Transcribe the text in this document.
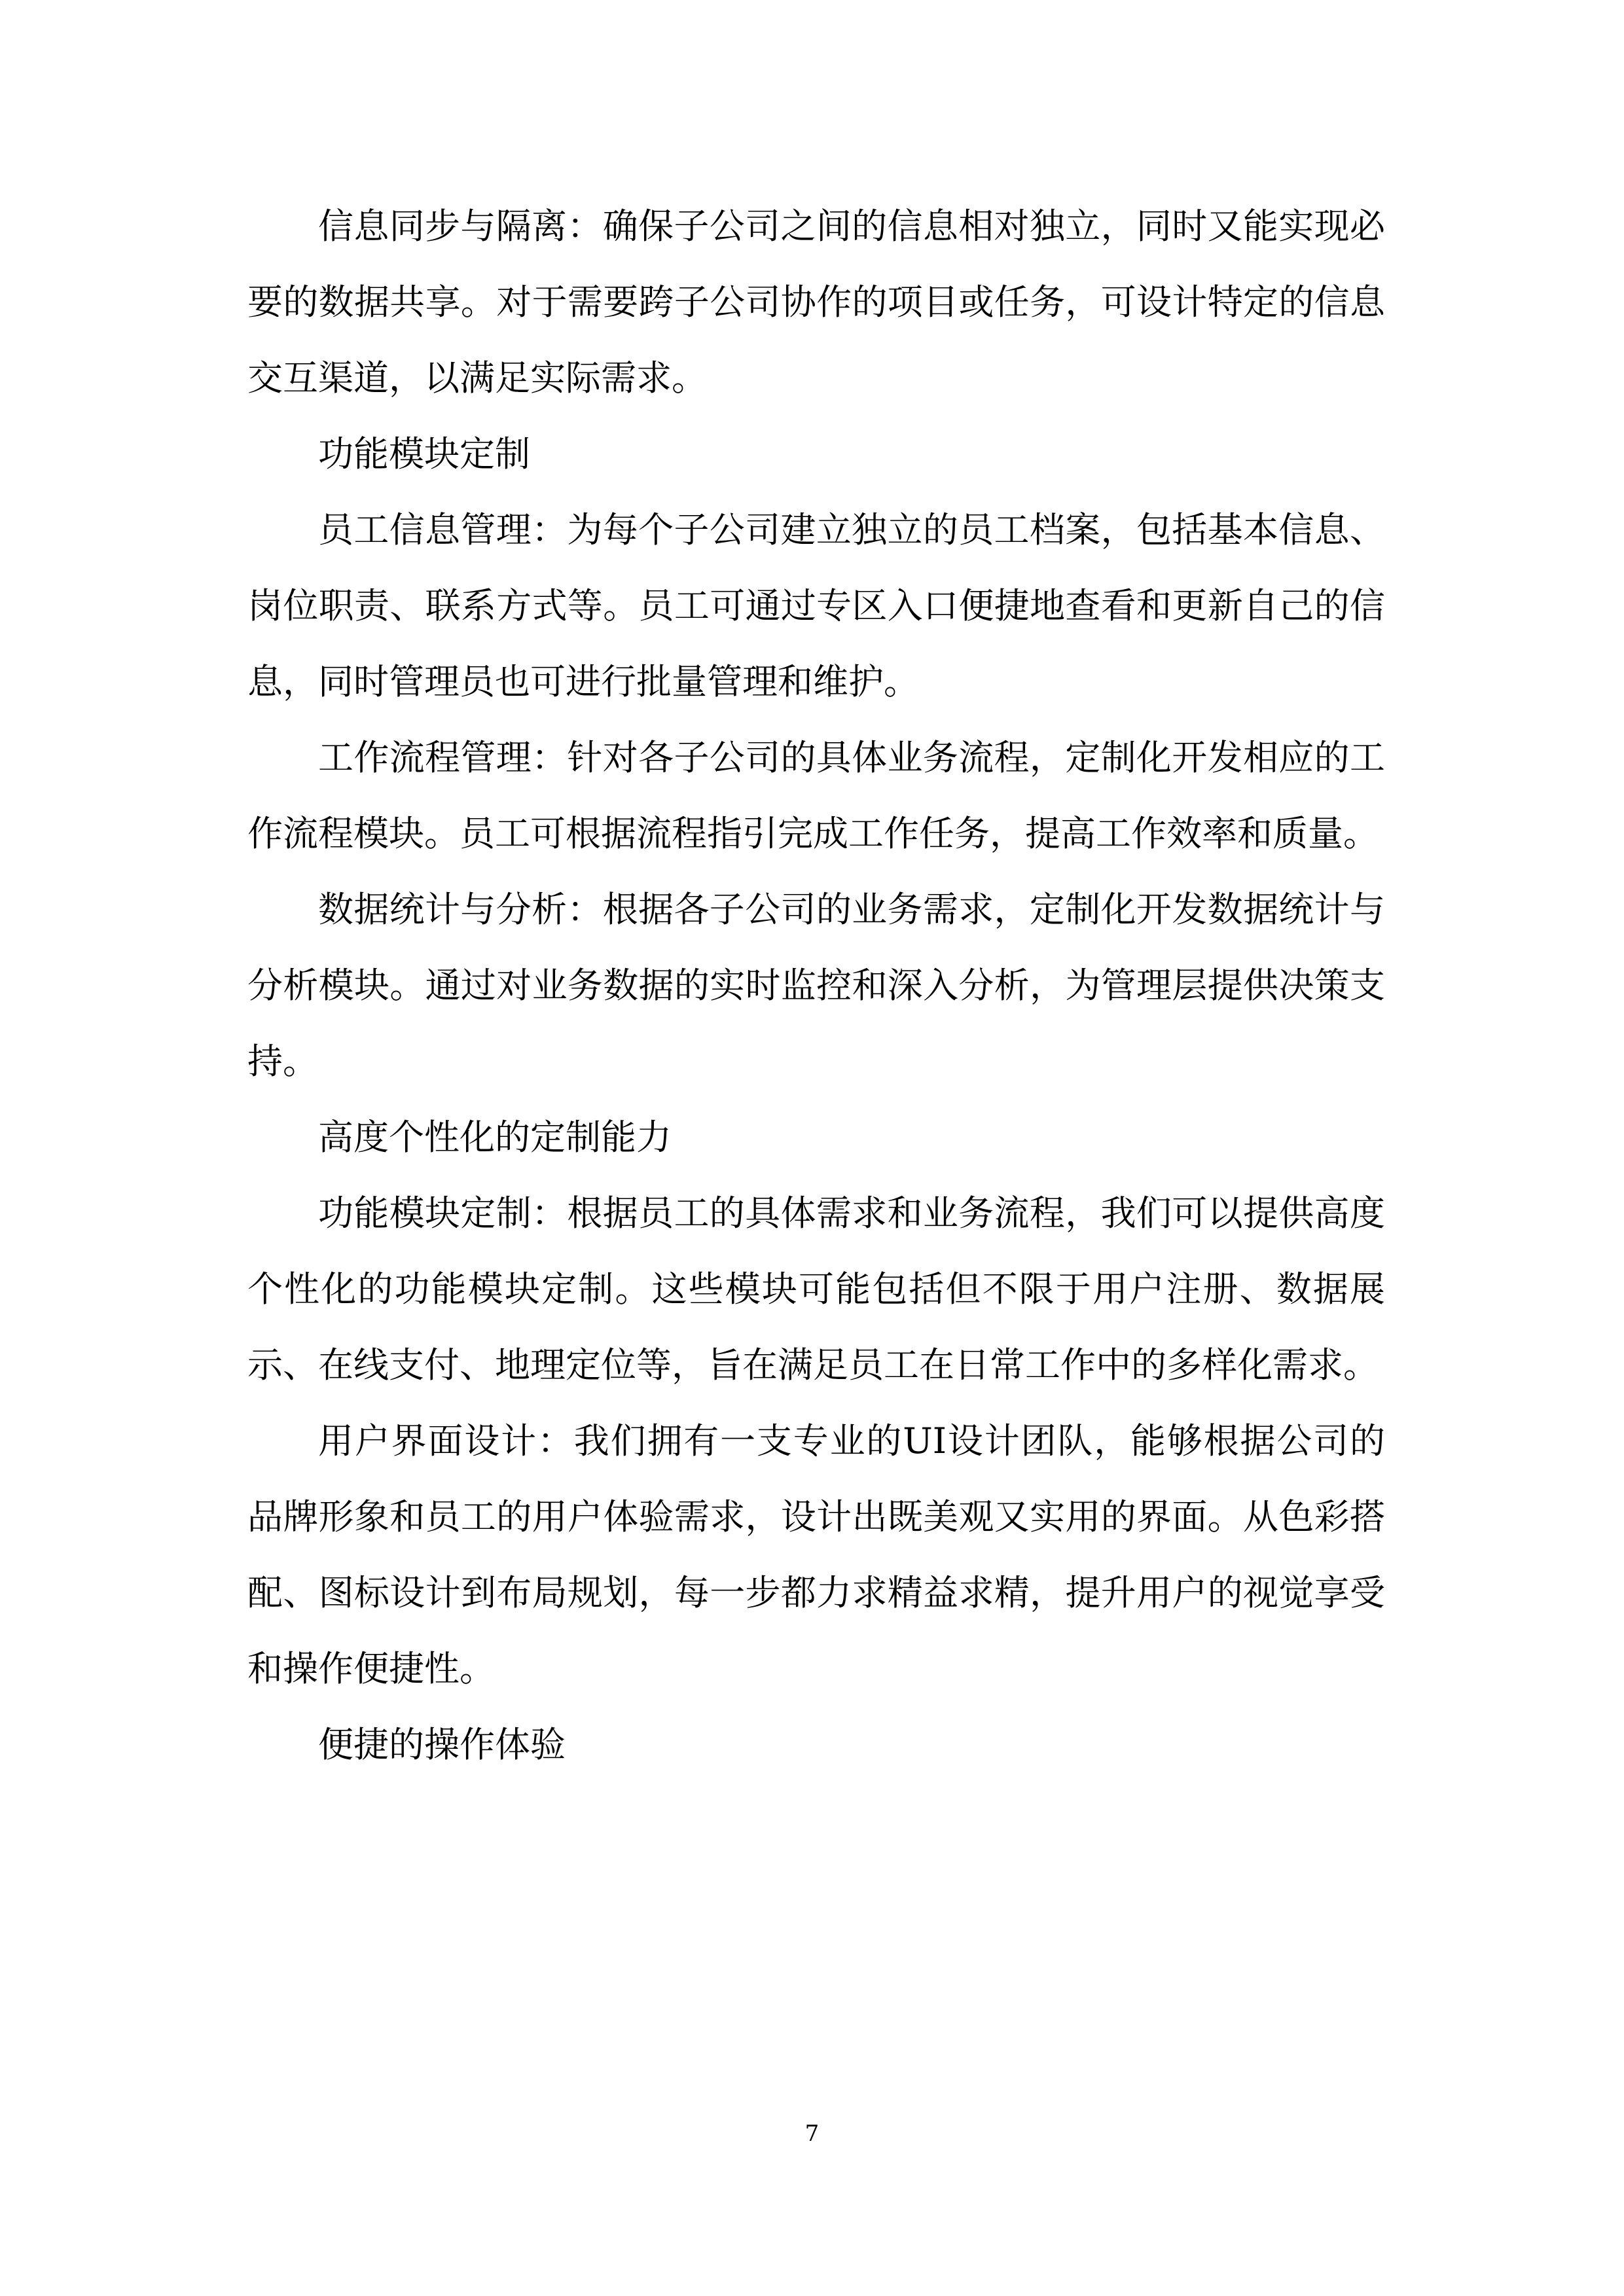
信息同步与隔离：确保子公司之间的信息相对独立，同时又能实现必要的数据共享。对于需要跨子公司协作的项目或任务，可设计特定的信息交互渠道，以满足实际需求。

功能模块定制

员工信息管理：为每个子公司建立独立的员工档案，包括基本信息、岗位职责、联系方式等。员工可通过专区入口便捷地查看和更新自己的信息，同时管理员也可进行批量管理和维护。

工作流程管理：针对各子公司的具体业务流程，定制化开发相应的工作流程模块。员工可根据流程指引完成工作任务，提高工作效率和质量。

数据统计与分析：根据各子公司的业务需求，定制化开发数据统计与分析模块。通过对业务数据的实时监控和深入分析，为管理层提供决策支持。

高度个性化的定制能力

功能模块定制：根据员工的具体需求和业务流程，我们可以提供高度个性化的功能模块定制。这些模块可能包括但不限于用户注册、数据展示、在线支付、地理定位等，旨在满足员工在日常工作中的多样化需求。

用户界面设计：我们拥有一支专业的UI设计团队，能够根据公司的品牌形象和员工的用户体验需求，设计出既美观又实用的界面。从色彩搭配、图标设计到布局规划，每一步都力求精益求精，提升用户的视觉享受和操作便捷性。

便捷的操作体验

7
